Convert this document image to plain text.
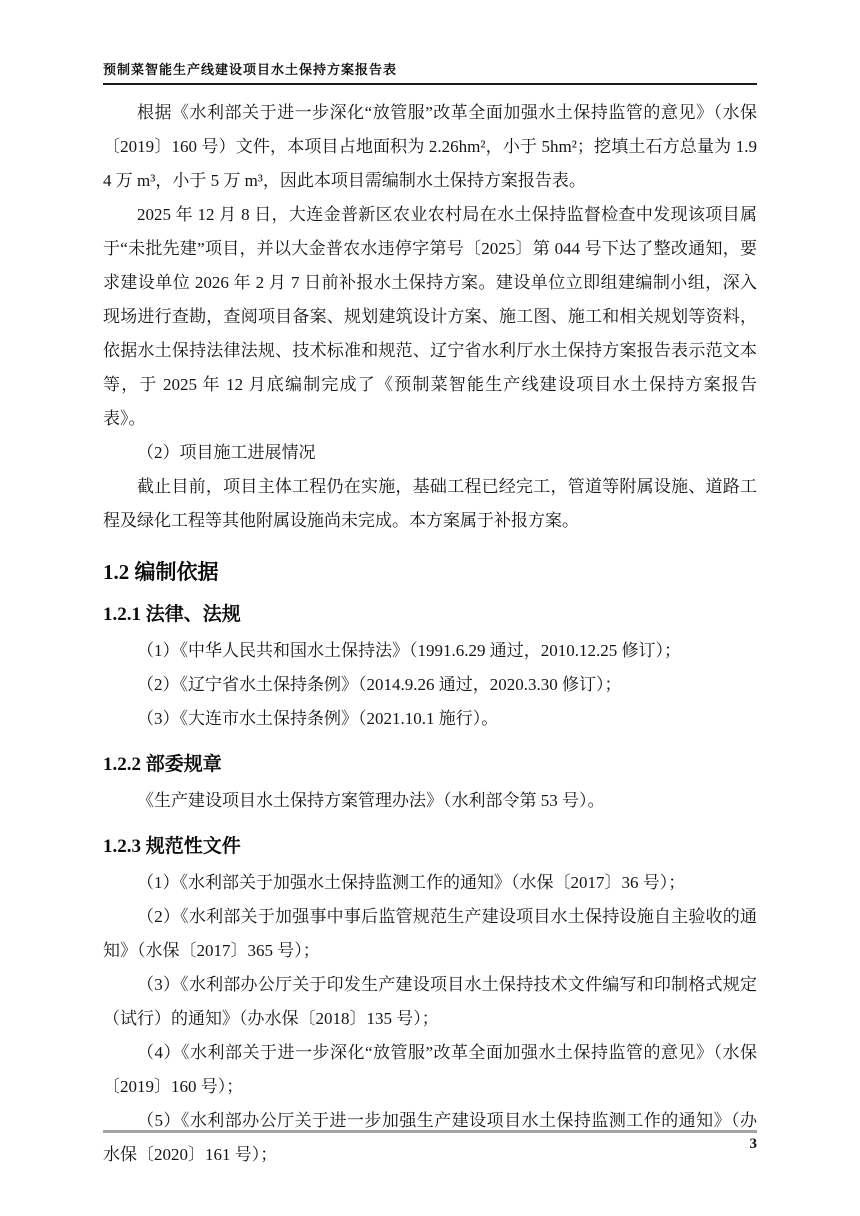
预制菜智能生产线建设项目水土保持方案报告表

根据《水利部关于进一步深化“放管服”改革全面加强水土保持监管的意见》（水保〔2019〕160 号）文件，本项目占地面积为 2.26hm²，小于 5hm²；挖填土石方总量为 1.94 万 m³，小于 5 万 m³，因此本项目需编制水土保持方案报告表。

2025 年 12 月 8 日，大连金普新区农业农村局在水土保持监督检查中发现该项目属于“未批先建”项目，并以大金普农水违停字第号〔2025〕第 044 号下达了整改通知，要求建设单位 2026 年 2 月 7 日前补报水土保持方案。建设单位立即组建编制小组，深入现场进行查勘，查阅项目备案、规划建筑设计方案、施工图、施工和相关规划等资料，依据水土保持法律法规、技术标准和规范、辽宁省水利厅水土保持方案报告表示范文本等，于 2025 年 12 月底编制完成了《预制菜智能生产线建设项目水土保持方案报告表》。

（2）项目施工进展情况

截止目前，项目主体工程仍在实施，基础工程已经完工，管道等附属设施、道路工程及绿化工程等其他附属设施尚未完成。本方案属于补报方案。

1.2 编制依据
1.2.1 法律、法规

（1）《中华人民共和国水土保持法》（1991.6.29 通过，2010.12.25 修订）；

（2）《辽宁省水土保持条例》（2014.9.26 通过，2020.3.30 修订）；

（3）《大连市水土保持条例》（2021.10.1 施行）。

1.2.2 部委规章

《生产建设项目水土保持方案管理办法》（水利部令第 53 号）。

1.2.3 规范性文件

（1）《水利部关于加强水土保持监测工作的通知》（水保〔2017〕36 号）；

（2）《水利部关于加强事中事后监管规范生产建设项目水土保持设施自主验收的通知》（水保〔2017〕365 号）；

（3）《水利部办公厅关于印发生产建设项目水土保持技术文件编写和印制格式规定（试行）的通知》（办水保〔2018〕135 号）；

（4）《水利部关于进一步深化“放管服”改革全面加强水土保持监管的意见》（水保〔2019〕160 号）；

（5）《水利部办公厅关于进一步加强生产建设项目水土保持监测工作的通知》（办水保〔2020〕161 号）；

3
